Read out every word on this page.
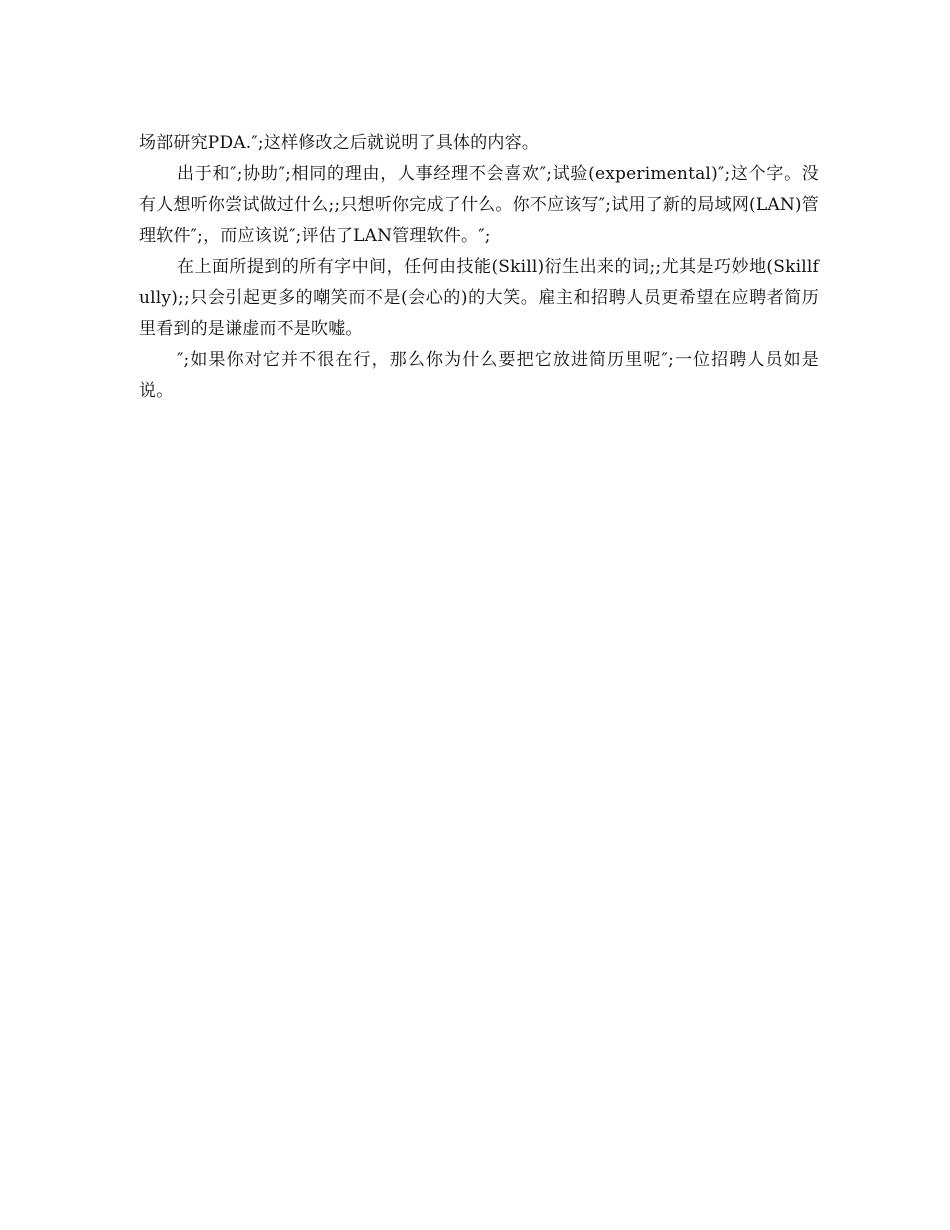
场部研究PDA.″;这样修改之后就说明了具体的内容。

出于和″;协助″;相同的理由，人事经理不会喜欢″;试验(experimental)″;这个字。没有人想听你尝试做过什么;;只想听你完成了什么。你不应该写″;试用了新的局域网(LAN)管理软件″;，而应该说″;评估了LAN管理软件。″;

在上面所提到的所有字中间，任何由技能(Skill)衍生出来的词;;尤其是巧妙地(Skillfully);;只会引起更多的嘲笑而不是(会心的)的大笑。雇主和招聘人员更希望在应聘者简历里看到的是谦虚而不是吹嘘。

″;如果你对它并不很在行，那么你为什么要把它放进简历里呢″;一位招聘人员如是说。
